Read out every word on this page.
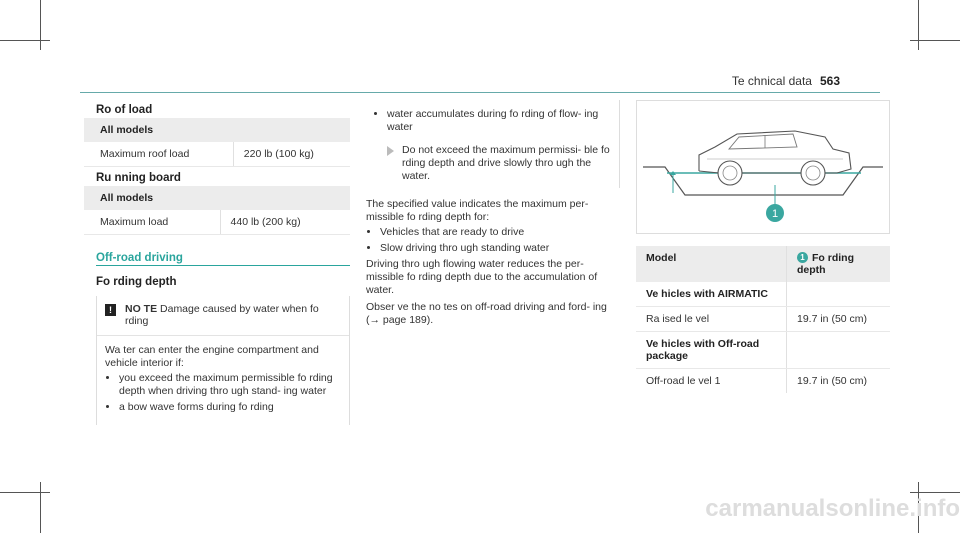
Te chnical data 563
Ro of load
All models
Maximum roof load	220 lb (100 kg)
Ru nning board
All models
Maximum load	440 lb (200 kg)
Off-road driving
Fo rding depth
!	NO TE Damage caused by water when fo rding

Wa ter can enter the engine compartment and vehicle interior if:

• you exceed the maximum permissible fo rding depth when driving thro ugh stand- ing water
• a bow wave forms during fo rding
• water accumulates during fo rding of flow- ing water
Do not exceed the maximum permissi- ble fo rding depth and drive slowly thro ugh the water.

The specified value indicates the maximum per- missible fo rding depth for:

• Vehicles that are ready to drive
• Slow driving thro ugh standing water

Driving thro ugh flowing water reduces the per- missible fo rding depth due to the accumulation of water.

Obser ve the no tes on off-road driving and ford- ing (→ page 189).

1
Model	1 Fo rding depth
Ve hicles with AIRMATIC	
Ra ised le vel	19.7 in (50 cm)
Ve hicles with Off-road package	
Off-road le vel 1	19.7 in (50 cm)
carmanualsonline.info
